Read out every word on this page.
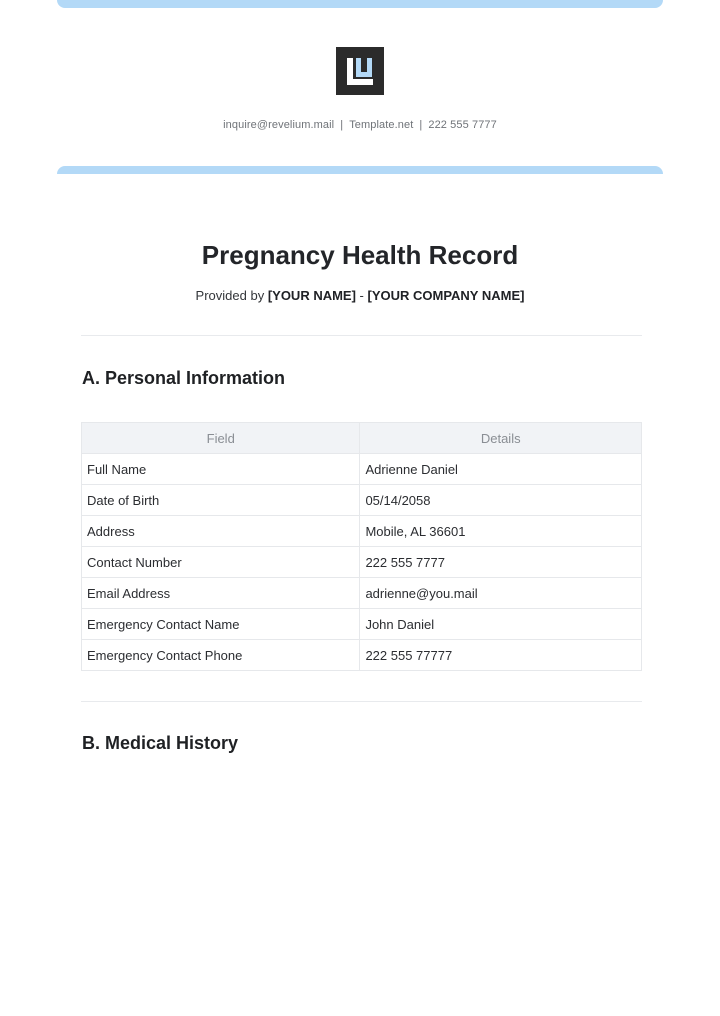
inquire@revelium.mail | Template.net | 222 555 7777
Pregnancy Health Record
Provided by [YOUR NAME] - [YOUR COMPANY NAME]
A. Personal Information
Field	Details
Full Name	Adrienne Daniel
Date of Birth	05/14/2058
Address	Mobile, AL 36601
Contact Number	222 555 7777
Email Address	adrienne@you.mail
Emergency Contact Name	John Daniel
Emergency Contact Phone	222 555 77777
B. Medical History
